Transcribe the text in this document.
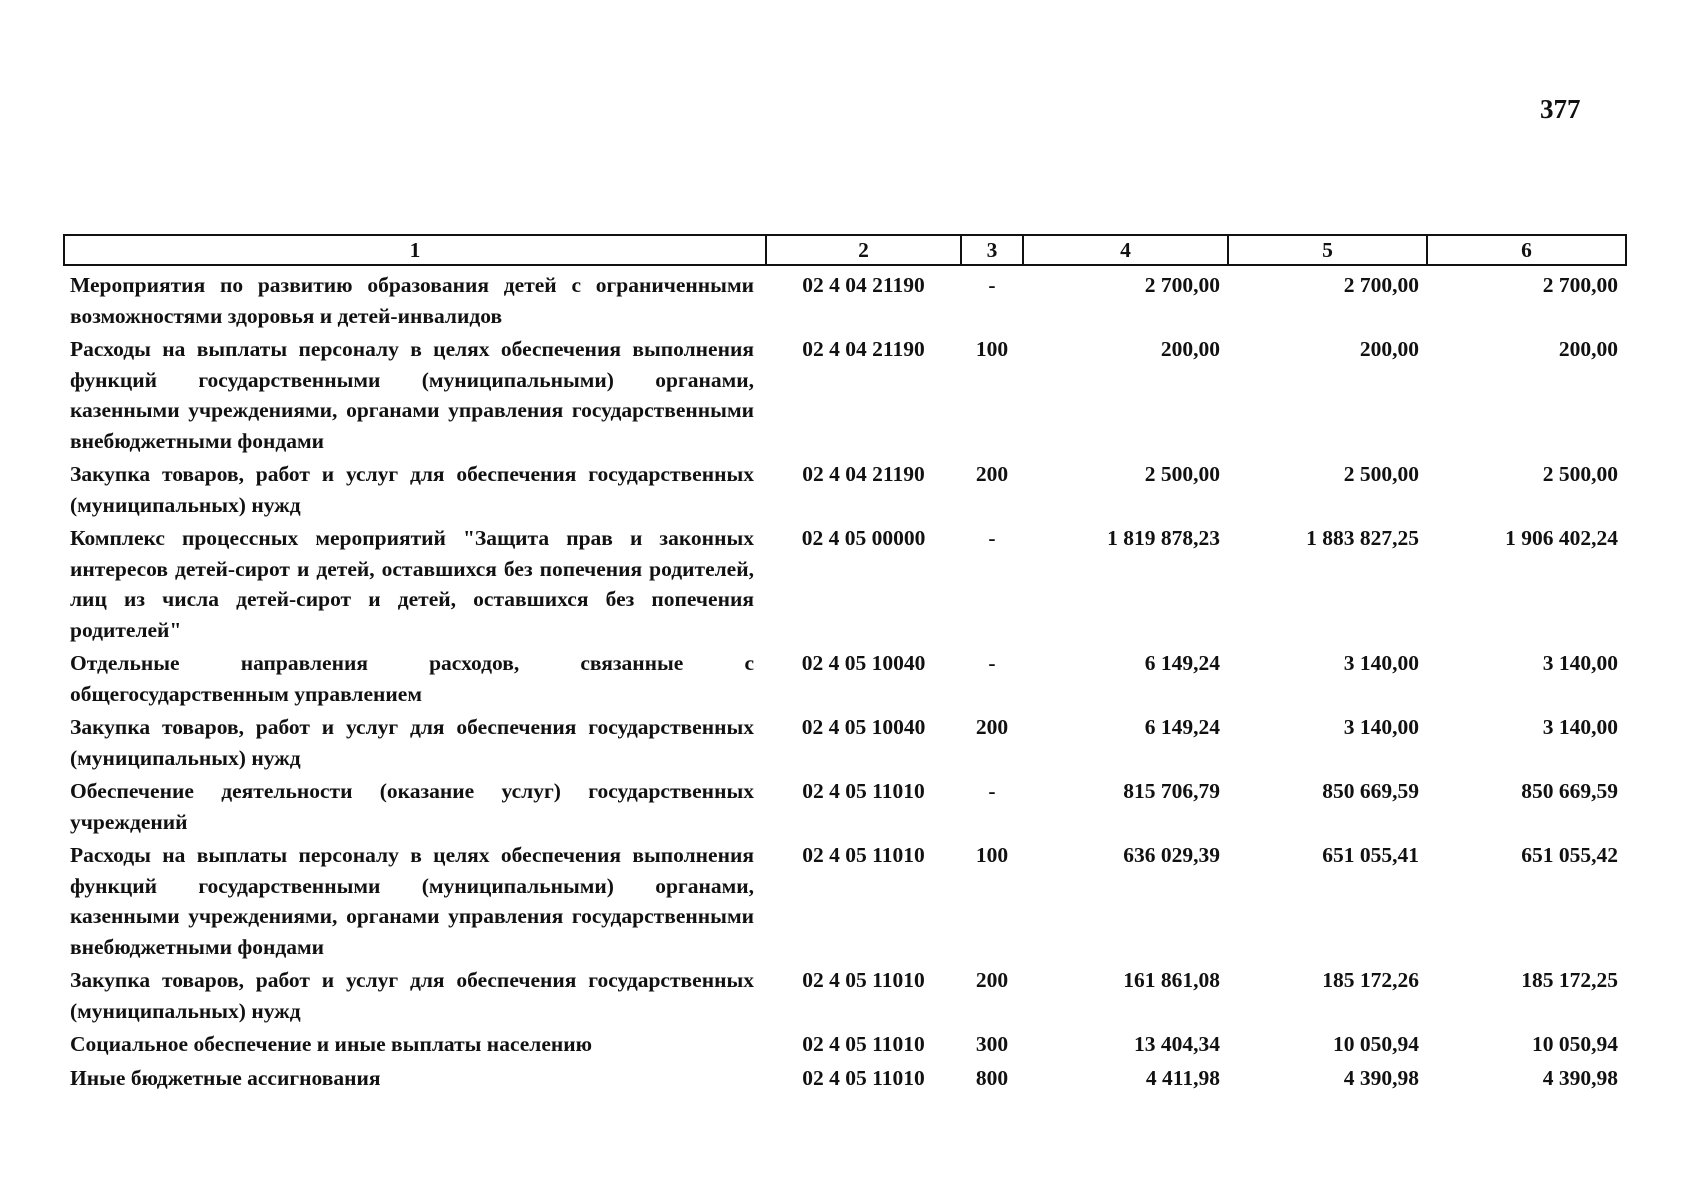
377
1	2	3	4	5	6
Мероприятия по развитию образования детей с ограниченными возможностями здоровья и детей-инвалидов	02 4 04 21190	-	2 700,00	2 700,00	2 700,00
Расходы на выплаты персоналу в целях обеспечения выполнения функций государственными (муниципальными) органами, казенными учреждениями, органами управления государственными внебюджетными фондами	02 4 04 21190	100	200,00	200,00	200,00
Закупка товаров, работ и услуг для обеспечения государственных (муниципальных) нужд	02 4 04 21190	200	2 500,00	2 500,00	2 500,00
Комплекс процессных мероприятий "Защита прав и законных интересов детей-сирот и детей, оставшихся без попечения родителей, лиц из числа детей-сирот и детей, оставшихся без попечения родителей"	02 4 05 00000	-	1 819 878,23	1 883 827,25	1 906 402,24
Отдельные направления расходов, связанные с общегосударственным управлением	02 4 05 10040	-	6 149,24	3 140,00	3 140,00
Закупка товаров, работ и услуг для обеспечения государственных (муниципальных) нужд	02 4 05 10040	200	6 149,24	3 140,00	3 140,00
Обеспечение деятельности (оказание услуг) государственных учреждений	02 4 05 11010	-	815 706,79	850 669,59	850 669,59
Расходы на выплаты персоналу в целях обеспечения выполнения функций государственными (муниципальными) органами, казенными учреждениями, органами управления государственными внебюджетными фондами	02 4 05 11010	100	636 029,39	651 055,41	651 055,42
Закупка товаров, работ и услуг для обеспечения государственных (муниципальных) нужд	02 4 05 11010	200	161 861,08	185 172,26	185 172,25
Социальное обеспечение и иные выплаты населению	02 4 05 11010	300	13 404,34	10 050,94	10 050,94
Иные бюджетные ассигнования	02 4 05 11010	800	4 411,98	4 390,98	4 390,98
